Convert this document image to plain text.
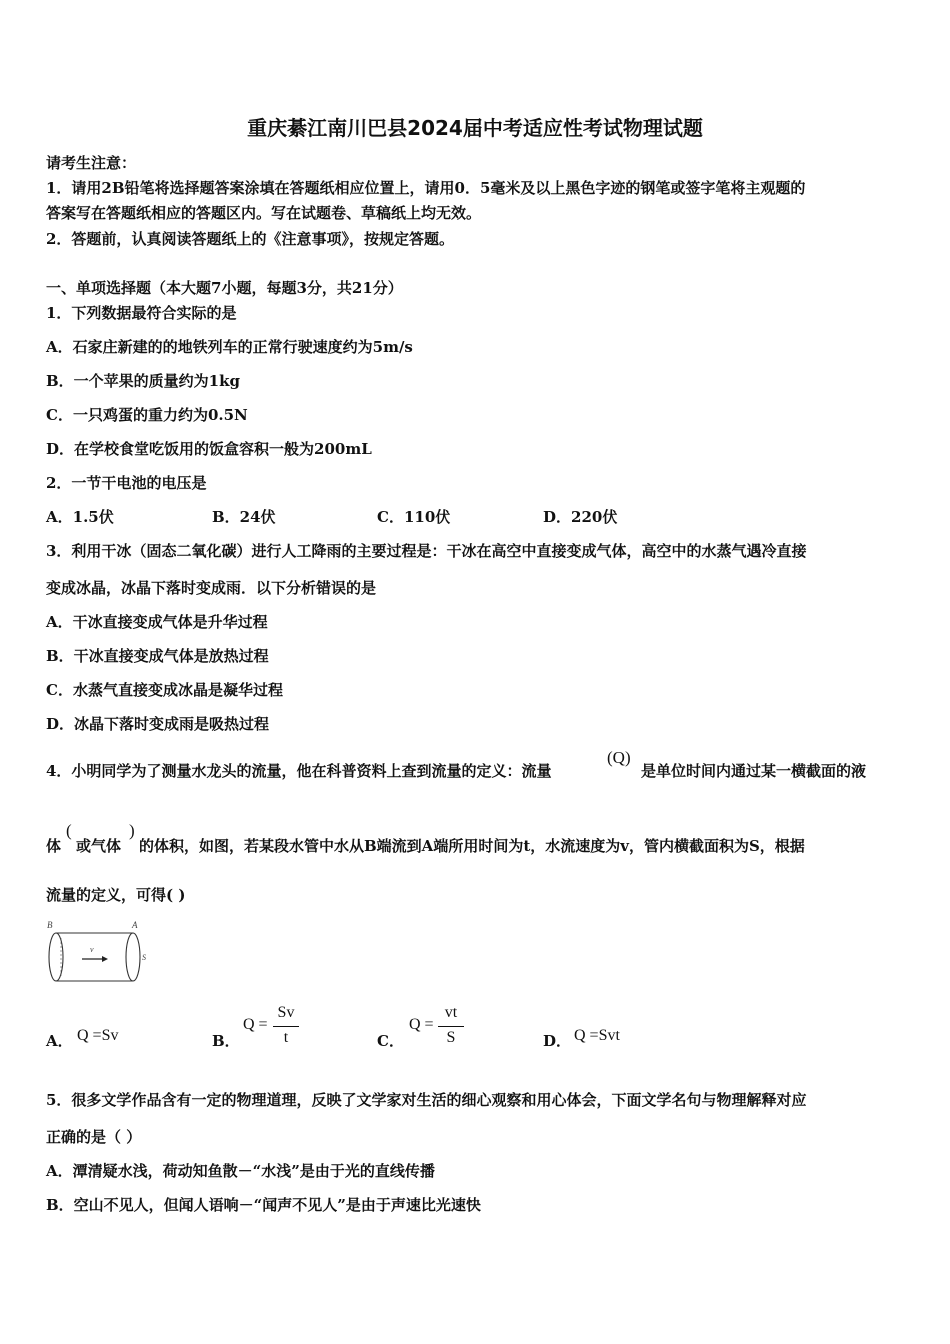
重庆綦江南川巴县2024届中考适应性考试物理试题
请考生注意：
1．请用2B铅笔将选择题答案涂填在答题纸相应位置上，请用0．5毫米及以上黑色字迹的钢笔或签字笔将主观题的
答案写在答题纸相应的答题区内。写在试题卷、草稿纸上均无效。
2．答题前，认真阅读答题纸上的《注意事项》，按规定答题。
一、单项选择题（本大题7小题，每题3分，共21分）
1．下列数据最符合实际的是
A．石家庄新建的的地铁列车的正常行驶速度约为5m/s
B．一个苹果的质量约为1kg
C．一只鸡蛋的重力约为0.5N
D．在学校食堂吃饭用的饭盒容积一般为200mL
2．一节干电池的电压是
A．1.5伏	B．24伏	C．110伏	D．220伏
3．利用干冰（固态二氧化碳）进行人工降雨的主要过程是：干冰在高空中直接变成气体，高空中的水蒸气遇冷直接
变成冰晶，冰晶下落时变成雨．以下分析错误的是
A．干冰直接变成气体是升华过程
B．干冰直接变成气体是放热过程
C．水蒸气直接变成冰晶是凝华过程
D．冰晶下落时变成雨是吸热过程
4．小明同学为了测量水龙头的流量，他在科普资料上查到流量的定义：流量
(Q)
是单位时间内通过某一横截面的液
体
(
或气体
)
的体积，如图，若某段水管中水从B端流到A端所用时间为t，水流速度为v，管内横截面积为S，根据
流量的定义，可得( )
B	A
v
S
A． Q =Sv	B．
Q =
Sv
t	C．
Q =
vt
S	D． Q =Svt
5．很多文学作品含有一定的物理道理，反映了文学家对生活的细心观察和用心体会，下面文学名句与物理解释对应
正确的是（ ）
A．潭清疑水浅，荷动知鱼散－“水浅”是由于光的直线传播
B．空山不见人，但闻人语响－“闻声不见人”是由于声速比光速快
